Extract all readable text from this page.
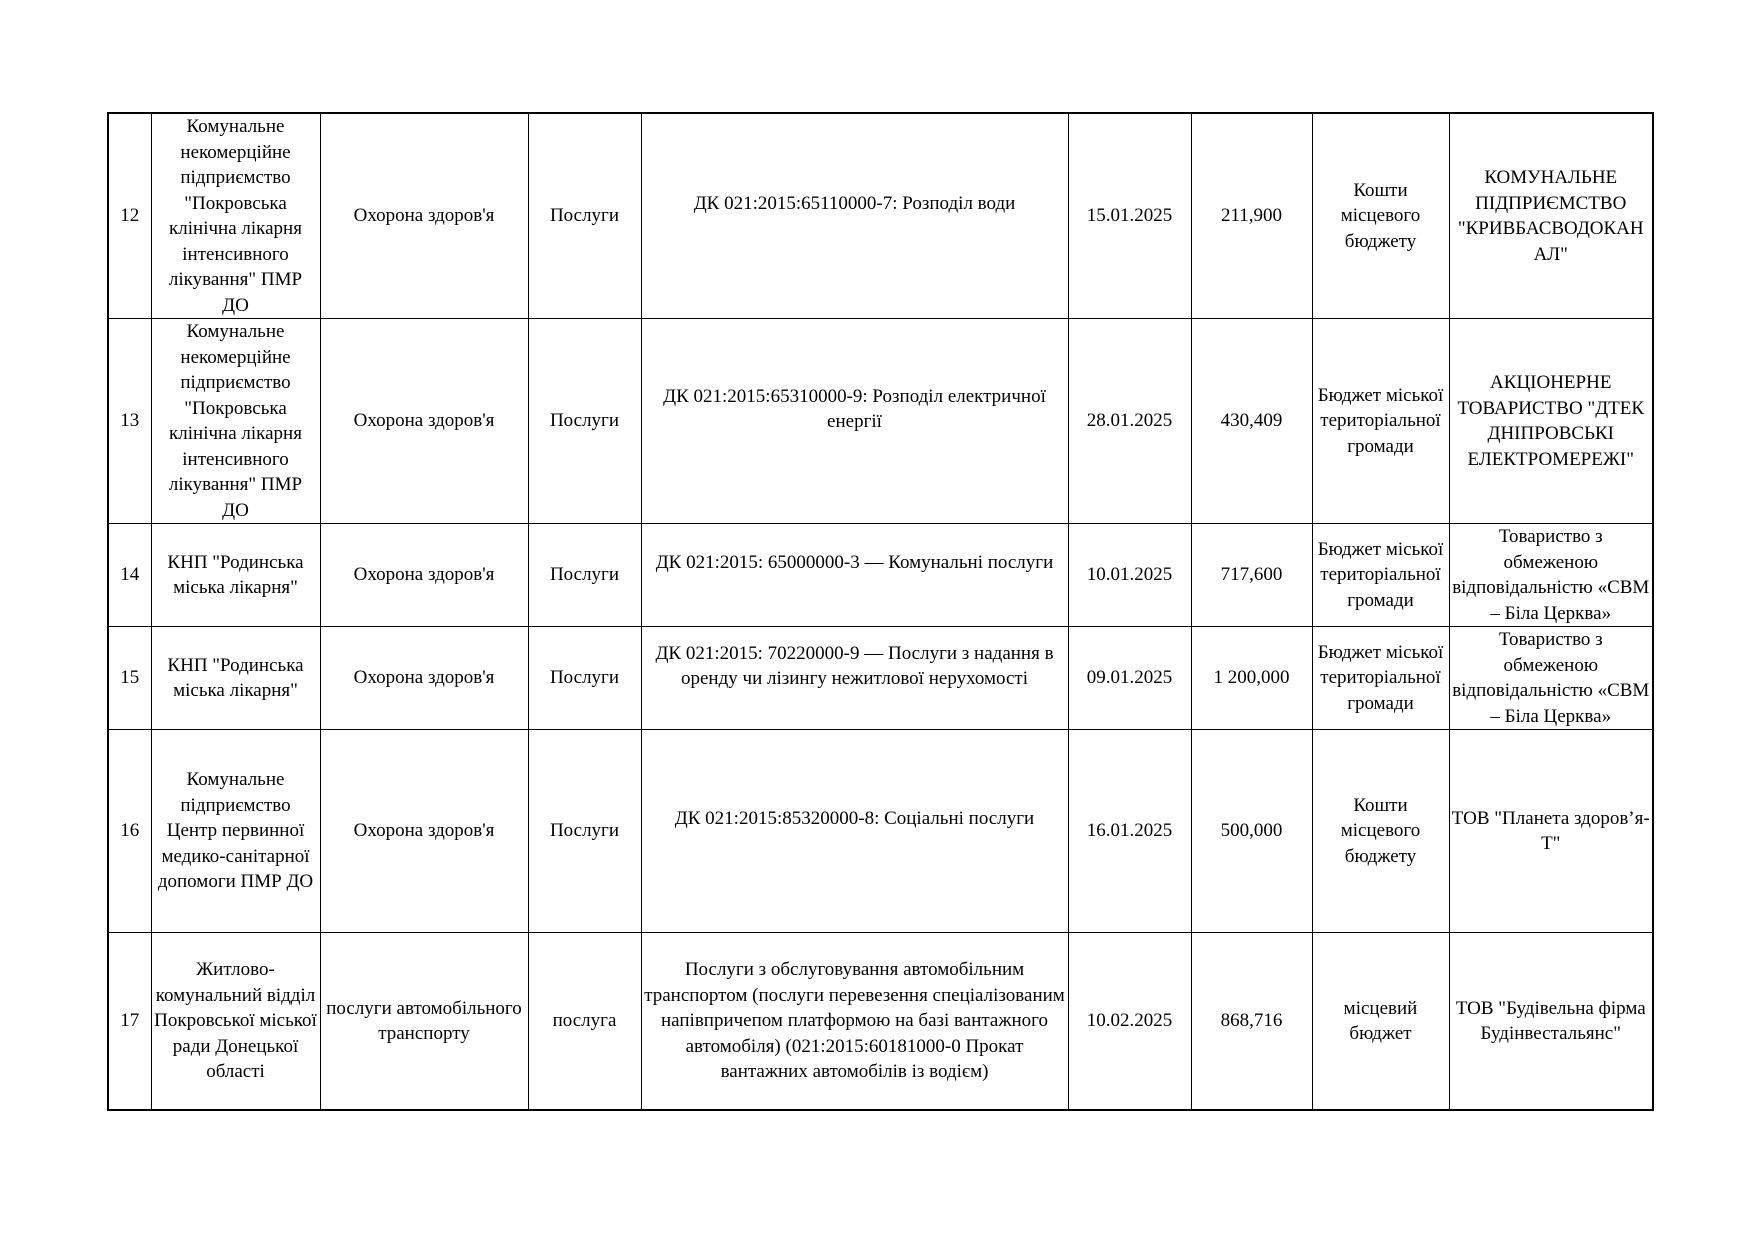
12	Комунальне некомерційне підприємство "Покровська клінічна лікарня інтенсивного лікування" ПМР ДО	Охорона здоров'я	Послуги	ДК 021:2015:65110000-7: Розподіл води	15.01.2025	211,900	Кошти місцевого бюджету	КОМУНАЛЬНЕ ПІДПРИЄМСТВО "КРИВБАСВОДОКАН АЛ"
13	Комунальне некомерційне підприємство "Покровська клінічна лікарня інтенсивного лікування" ПМР ДО	Охорона здоров'я	Послуги	ДК 021:2015:65310000-9: Розподіл електричної енергії	28.01.2025	430,409	Бюджет міської територіальної громади	АКЦІОНЕРНЕ ТОВАРИСТВО "ДТЕК ДНІПРОВСЬКІ ЕЛЕКТРОМЕРЕЖІ"
14	КНП "Родинська міська лікарня"	Охорона здоров'я	Послуги	ДК 021:2015: 65000000-3 — Комунальні послуги	10.01.2025	717,600	Бюджет міської територіальної громади	Товариство з обмеженою відповідальністю «СВМ – Біла Церква»
15	КНП "Родинська міська лікарня"	Охорона здоров'я	Послуги	ДК 021:2015: 70220000-9 — Послуги з надання в оренду чи лізингу нежитлової нерухомості	09.01.2025	1 200,000	Бюджет міської територіальної громади	Товариство з обмеженою відповідальністю «СВМ – Біла Церква»
16	Комунальне підприємство Центр первинної медико-санітарної допомоги ПМР ДО	Охорона здоров'я	Послуги	ДК 021:2015:85320000-8: Соціальні послуги	16.01.2025	500,000	Кошти місцевого бюджету	ТОВ "Планета здоров’я-Т"
17	Житлово-комунальний відділ Покровської міської ради Донецької області	послуги автомобільного транспорту	послуга	Послуги з обслуговування автомобільним транспортом (послуги перевезення спеціалізованим напівпричепом платформою на базі вантажного автомобіля) (021:2015:60181000-0 Прокат вантажних автомобілів із водієм)	10.02.2025	868,716	місцевий бюджет	ТОВ "Будівельна фірма Будінвестальянс"
